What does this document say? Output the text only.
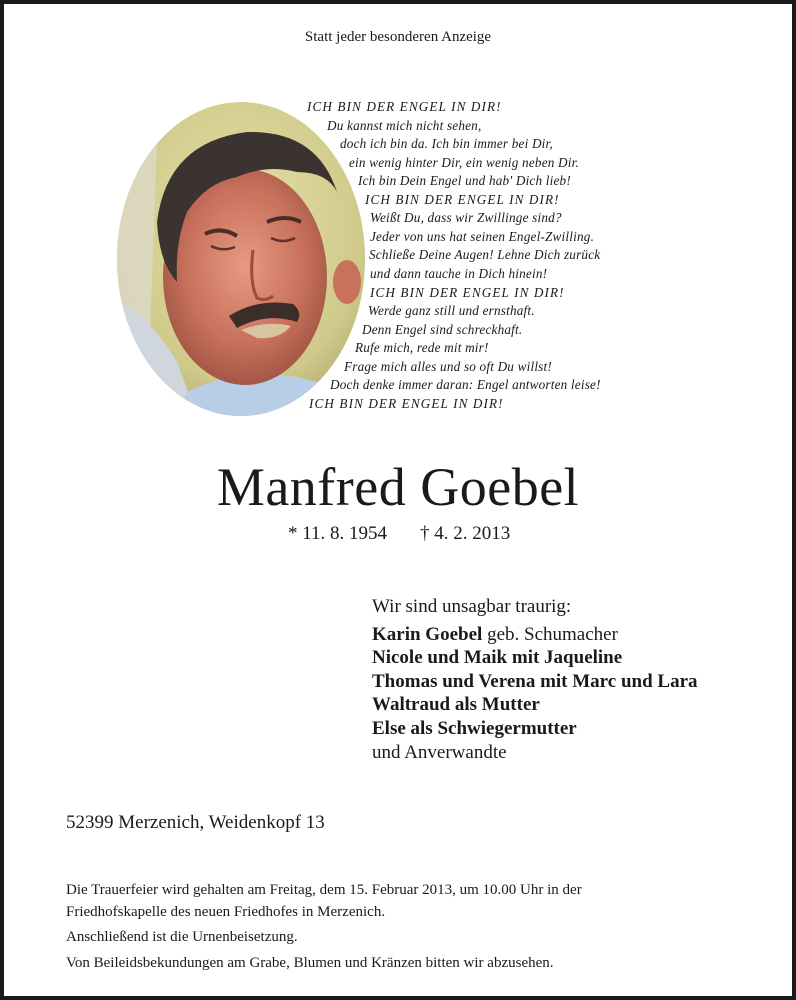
Statt jeder besonderen Anzeige
ICH BIN DER ENGEL IN DIR!
Du kannst mich nicht sehen,
doch ich bin da. Ich bin immer bei Dir,
ein wenig hinter Dir, ein wenig neben Dir.
Ich bin Dein Engel und hab' Dich lieb!
ICH BIN DER ENGEL IN DIR!
Weißt Du, dass wir Zwillinge sind?
Jeder von uns hat seinen Engel-Zwilling.
Schließe Deine Augen! Lehne Dich zurück
und dann tauche in Dich hinein!
ICH BIN DER ENGEL IN DIR!
Werde ganz still und ernsthaft.
Denn Engel sind schreckhaft.
Rufe mich, rede mit mir!
Frage mich alles und so oft Du willst!
Doch denke immer daran: Engel antworten leise!
ICH BIN DER ENGEL IN DIR!
Manfred Goebel
* 11. 8. 1954 † 4. 2. 2013
Wir sind unsagbar traurig:
Karin Goebel geb. Schumacher
Nicole und Maik mit Jaqueline
Thomas und Verena mit Marc und Lara
Waltraud als Mutter
Else als Schwiegermutter
und Anverwandte
52399 Merzenich, Weidenkopf 13

Die Trauerfeier wird gehalten am Freitag, dem 15. Februar 2013, um 10.00 Uhr in der

Friedhofskapelle des neuen Friedhofes in Merzenich.

Anschließend ist die Urnenbeisetzung.

Von Beileidsbekundungen am Grabe, Blumen und Kränzen bitten wir abzusehen.
